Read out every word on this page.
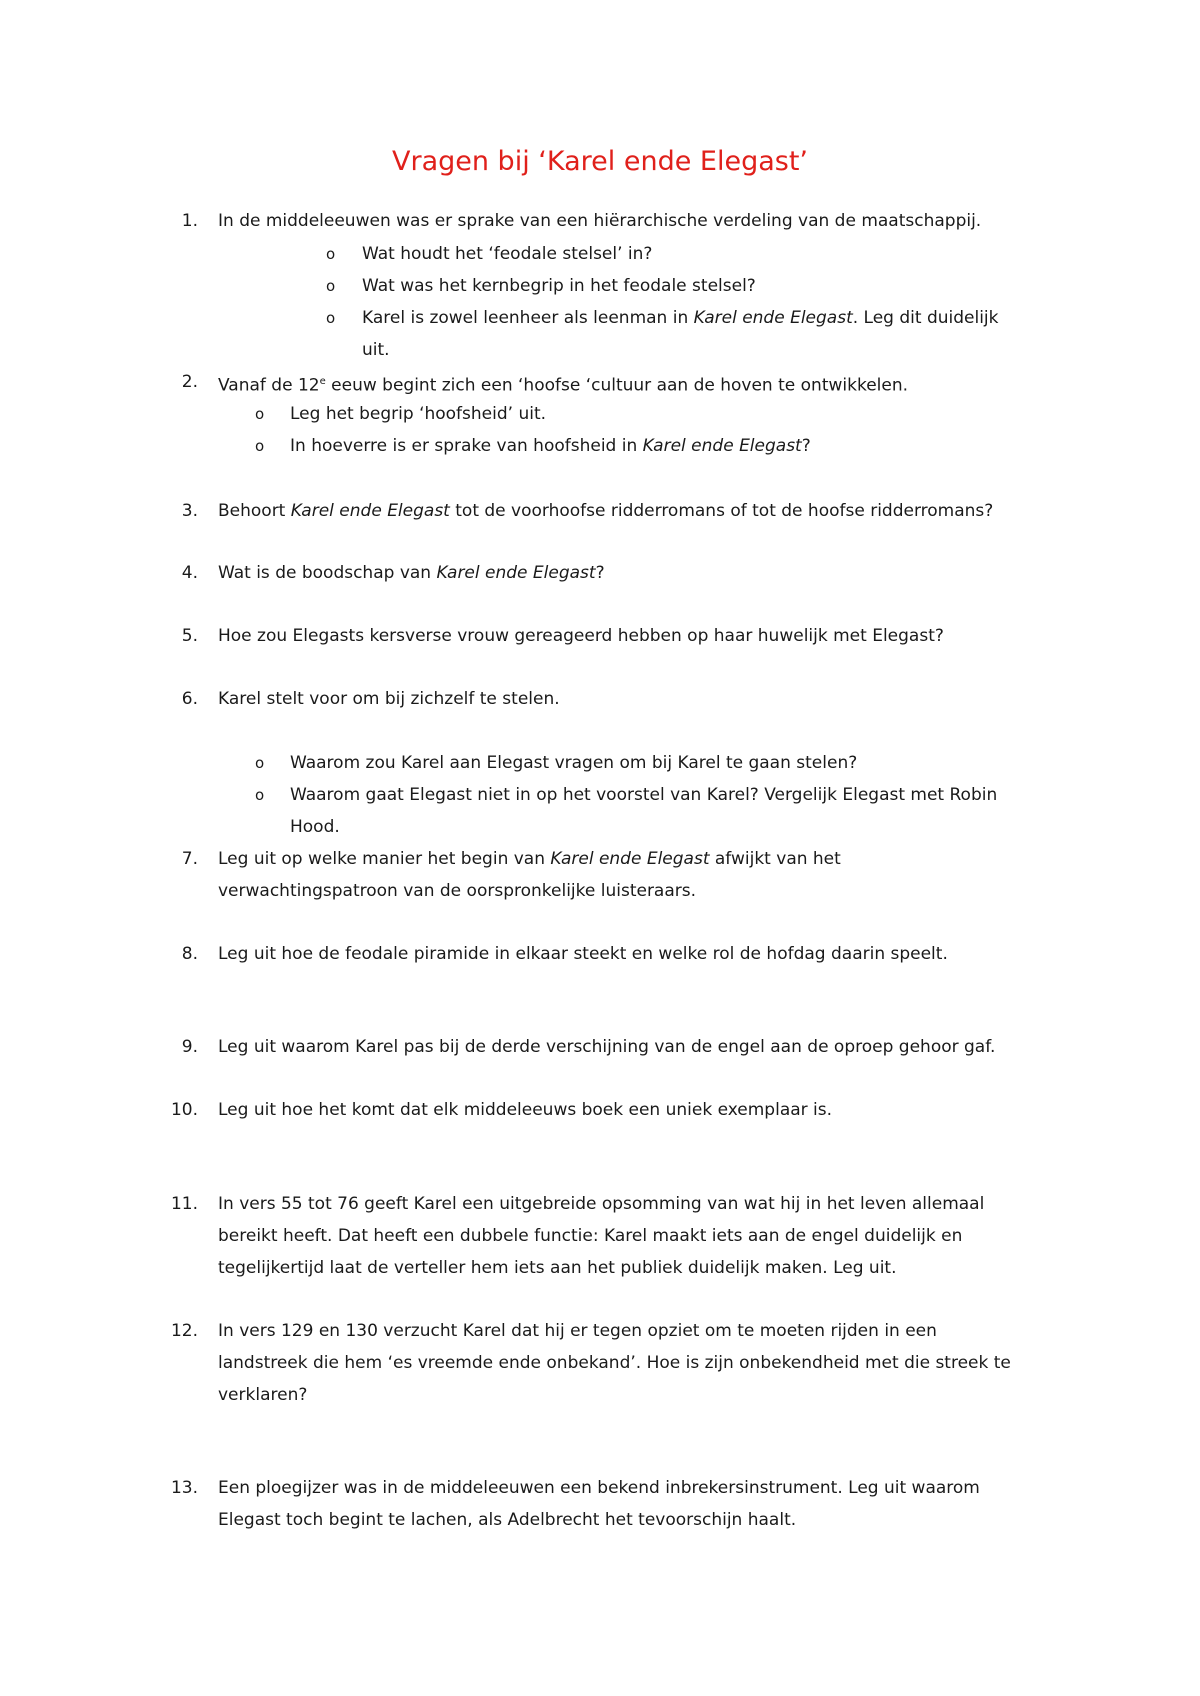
Vragen bij ‘Karel ende Elegast’
1. In de middeleeuwen was er sprake van een hiërarchische verdeling van de maatschappij.
o Wat houdt het ‘feodale stelsel’ in?
o Wat was het kernbegrip in het feodale stelsel?
o Karel is zowel leenheer als leenman in Karel ende Elegast. Leg dit duidelijk
uit.
2. Vanaf de 12e eeuw begint zich een ‘hoofse ‘cultuur aan de hoven te ontwikkelen.
o Leg het begrip ‘hoofsheid’ uit.
o In hoeverre is er sprake van hoofsheid in Karel ende Elegast?
3. Behoort Karel ende Elegast tot de voorhoofse ridderromans of tot de hoofse ridderromans?
4. Wat is de boodschap van Karel ende Elegast?
5. Hoe zou Elegasts kersverse vrouw gereageerd hebben op haar huwelijk met Elegast?
6. Karel stelt voor om bij zichzelf te stelen.
o Waarom zou Karel aan Elegast vragen om bij Karel te gaan stelen?
o Waarom gaat Elegast niet in op het voorstel van Karel? Vergelijk Elegast met Robin
Hood.
7. Leg uit op welke manier het begin van Karel ende Elegast afwijkt van het
verwachtingspatroon van de oorspronkelijke luisteraars.
8. Leg uit hoe de feodale piramide in elkaar steekt en welke rol de hofdag daarin speelt.
9. Leg uit waarom Karel pas bij de derde verschijning van de engel aan de oproep gehoor gaf.
10. Leg uit hoe het komt dat elk middeleeuws boek een uniek exemplaar is.
11. In vers 55 tot 76 geeft Karel een uitgebreide opsomming van wat hij in het leven allemaal
bereikt heeft. Dat heeft een dubbele functie: Karel maakt iets aan de engel duidelijk en
tegelijkertijd laat de verteller hem iets aan het publiek duidelijk maken. Leg uit.
12. In vers 129 en 130 verzucht Karel dat hij er tegen opziet om te moeten rijden in een
landstreek die hem ‘es vreemde ende onbekand’. Hoe is zijn onbekendheid met die streek te
verklaren?
13. Een ploegijzer was in de middeleeuwen een bekend inbrekersinstrument. Leg uit waarom
Elegast toch begint te lachen, als Adelbrecht het tevoorschijn haalt.
